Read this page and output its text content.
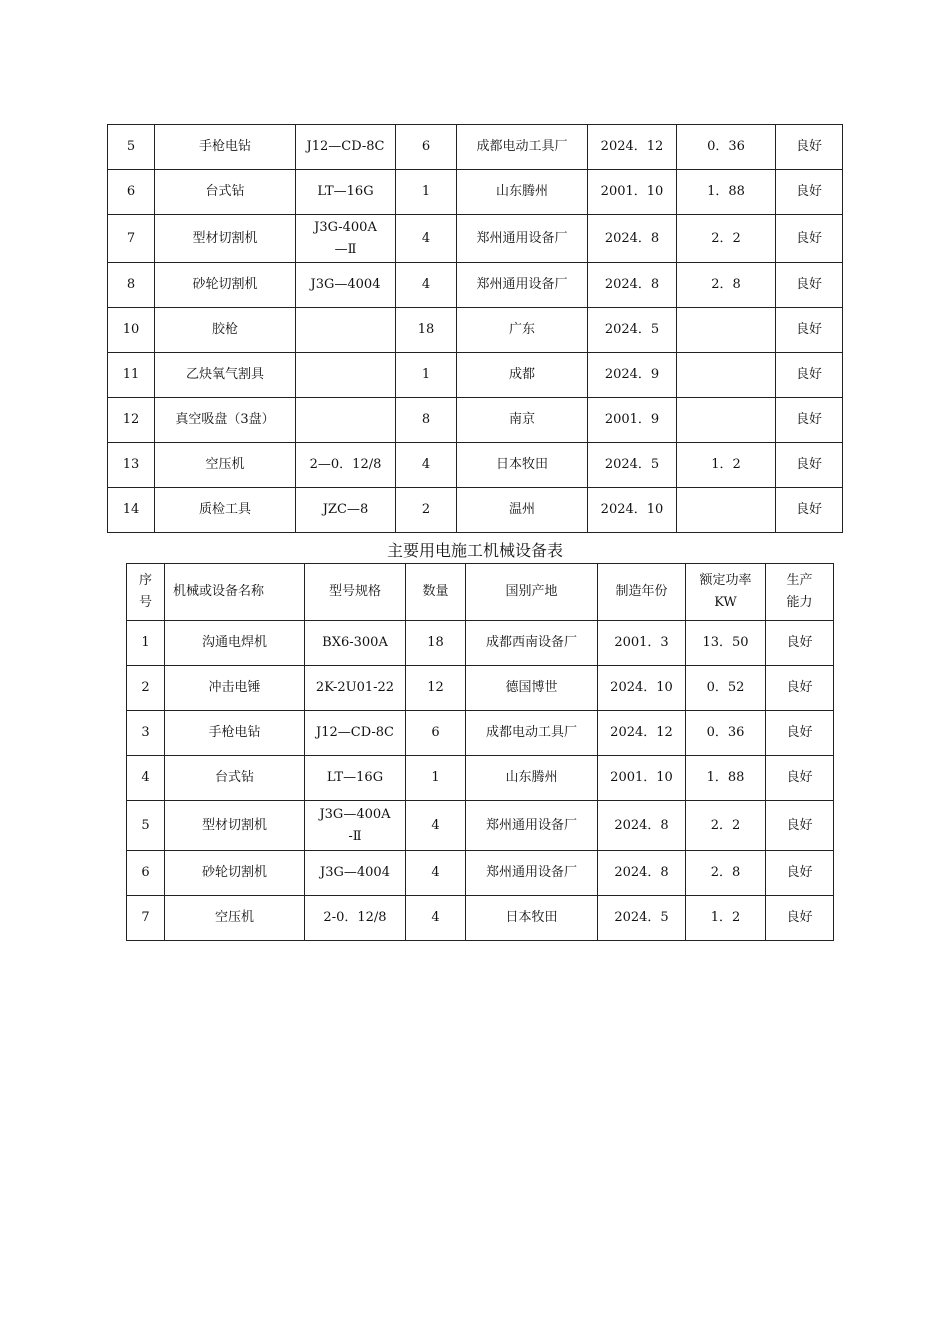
5	手枪电钻	J12—CD-8C	6	成都电动工具厂	2024．12	0．36	良好
6	台式钻	LT—16G	1	山东腾州	2001．10	1．88	良好
7	型材切割机	J3G-400A—Ⅱ	4	郑州通用设备厂	2024．8	2．2	良好
8	砂轮切割机	J3G—4004	4	郑州通用设备厂	2024．8	2．8	良好
10	胶枪		18	广东	2024．5		良好
11	乙炔氧气割具		1	成都	2024．9		良好
12	真空吸盘（3盘）		8	南京	2001．9		良好
13	空压机	2—0．12/8	4	日本牧田	2024．5	1．2	良好
14	质检工具	JZC—8	2	温州	2024．10		良好
主要用电施工机械设备表
序号	机械或设备名称	型号规格	数量	国别产地	制造年份	额定功率KW	生产能力
1	沟通电焊机	BX6-300A	18	成都西南设备厂	2001．3	13．50	良好
2	冲击电锤	2K-2U01-22	12	德国博世	2024．10	0．52	良好
3	手枪电钻	J12—CD-8C	6	成都电动工具厂	2024．12	0．36	良好
4	台式钻	LT—16G	1	山东腾州	2001．10	1．88	良好
5	型材切割机	J3G—400A-Ⅱ	4	郑州通用设备厂	2024．8	2．2	良好
6	砂轮切割机	J3G—4004	4	郑州通用设备厂	2024．8	2．8	良好
7	空压机	2-0．12/8	4	日本牧田	2024．5	1．2	良好
